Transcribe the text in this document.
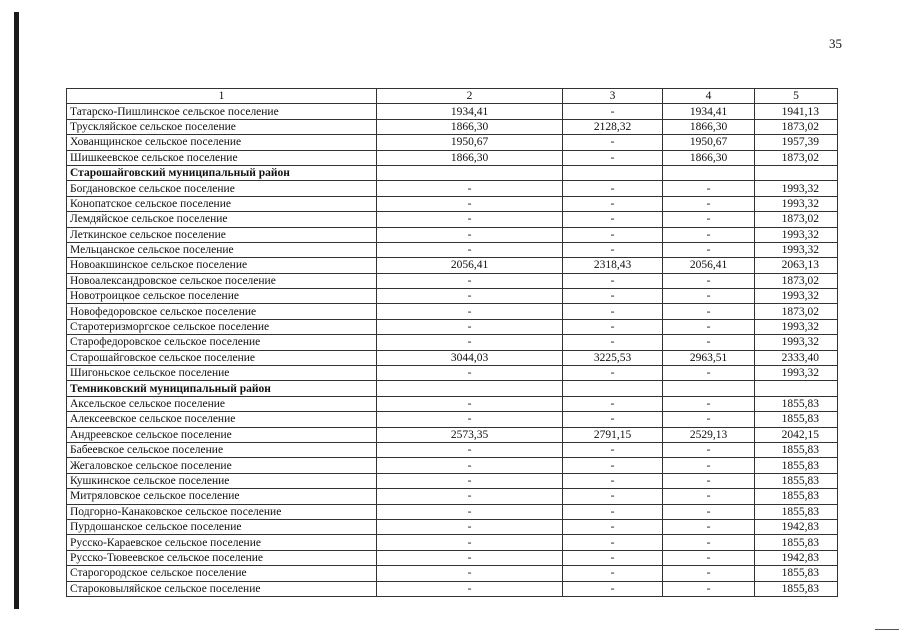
35
1	2	3	4	5
Татарско-Пишлинское сельское поселение	1934,41	-	1934,41	1941,13
Трускляйское сельское поселение	1866,30	2128,32	1866,30	1873,02
Хованщинское сельское поселение	1950,67	-	1950,67	1957,39
Шишкеевское сельское поселение	1866,30	-	1866,30	1873,02
Старошайговский муниципальный район				
Богдановское сельское поселение	-	-	-	1993,32
Конопатское сельское поселение	-	-	-	1993,32
Лемдяйское сельское поселение	-	-	-	1873,02
Леткинское сельское поселение	-	-	-	1993,32
Мельцанское сельское поселение	-	-	-	1993,32
Новоакшинское сельское поселение	2056,41	2318,43	2056,41	2063,13
Новоалександровское сельское поселение	-	-	-	1873,02
Новотроицкое сельское поселение	-	-	-	1993,32
Новофедоровское сельское поселение	-	-	-	1873,02
Старотеризморгское сельское поселение	-	-	-	1993,32
Старофедоровское сельское поселение	-	-	-	1993,32
Старошайговское сельское поселение	3044,03	3225,53	2963,51	2333,40
Шигоньское сельское поселение	-	-	-	1993,32
Темниковский муниципальный район				
Аксельское сельское поселение	-	-	-	1855,83
Алексеевское сельское поселение	-	-	-	1855,83
Андреевское сельское поселение	2573,35	2791,15	2529,13	2042,15
Бабеевское сельское поселение	-	-	-	1855,83
Жегаловское сельское поселение	-	-	-	1855,83
Кушкинское сельское поселение	-	-	-	1855,83
Митряловское сельское поселение	-	-	-	1855,83
Подгорно-Канаковское сельское поселение	-	-	-	1855,83
Пурдошанское сельское поселение	-	-	-	1942,83
Русско-Караевское сельское поселение	-	-	-	1855,83
Русско-Тювеевское сельское поселение	-	-	-	1942,83
Старогородское сельское поселение	-	-	-	1855,83
Староковыляйское сельское поселение	-	-	-	1855,83
